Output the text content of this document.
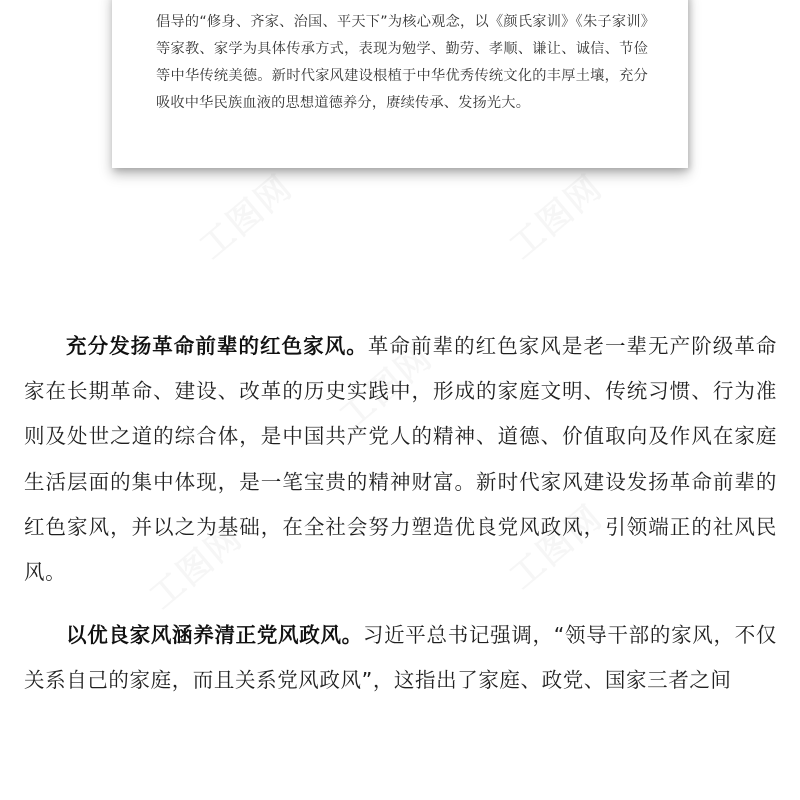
倡导的“修身、齐家、治国、平天下”为核心观念，以《颜氏家训》《朱子家训》等家教、家学为具体传承方式，表现为勉学、勤劳、孝顺、谦让、诚信、节俭等中华传统美德。新时代家风建设根植于中华优秀传统文化的丰厚土壤，充分吸收中华民族血液的思想道德养分，赓续传承、发扬光大。

充分发扬革命前辈的红色家风。革命前辈的红色家风是老一辈无产阶级革命家在长期革命、建设、改革的历史实践中，形成的家庭文明、传统习惯、行为准则及处世之道的综合体，是中国共产党人的精神、道德、价值取向及作风在家庭生活层面的集中体现，是一笔宝贵的精神财富。新时代家风建设发扬革命前辈的红色家风，并以之为基础，在全社会努力塑造优良党风政风，引领端正的社风民风。

以优良家风涵养清正党风政风。习近平总书记强调，“领导干部的家风，不仅关系自己的家庭，而且关系党风政风”，这指出了家庭、政党、国家三者之间
